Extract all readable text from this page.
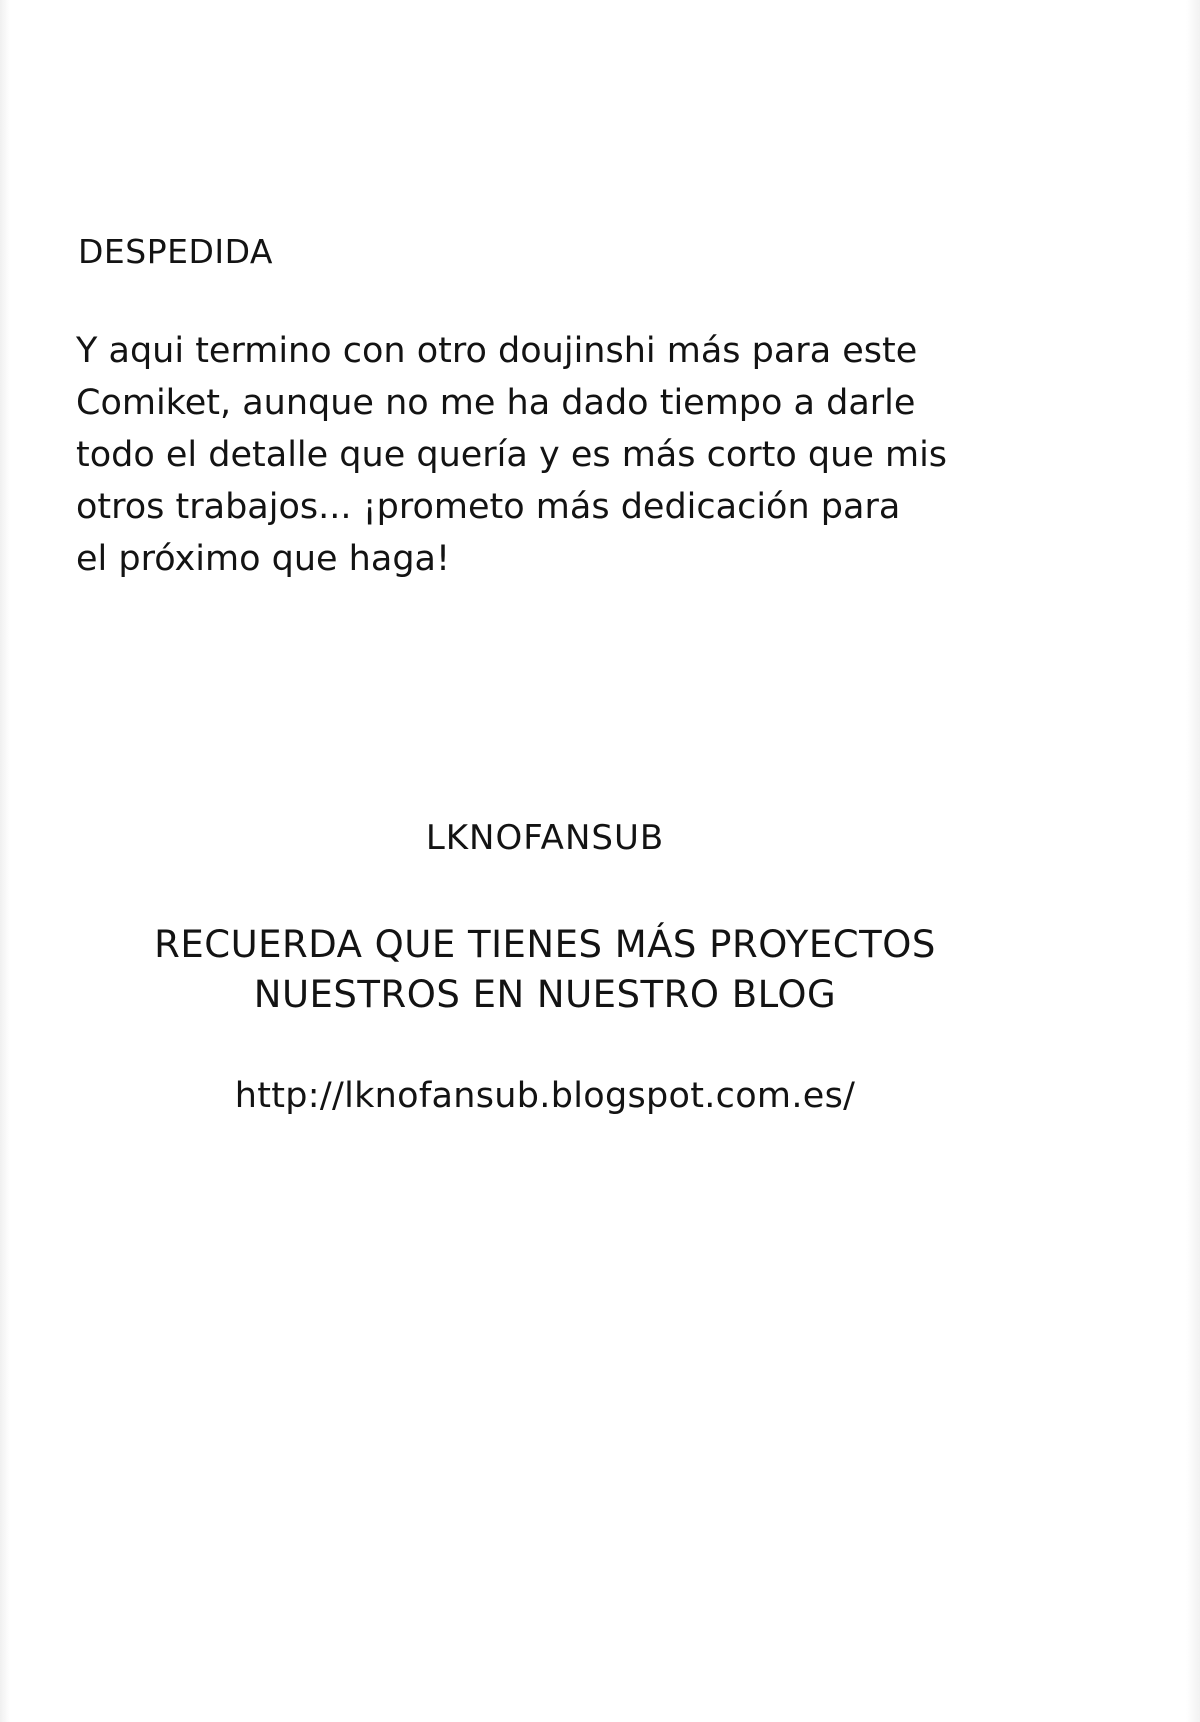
DESPEDIDA
Y aqui termino con otro doujinshi más para este
Comiket, aunque no me ha dado tiempo a darle
todo el detalle que quería y es más corto que mis
otros trabajos... ¡prometo más dedicación para
el próximo que haga!
LKNOFANSUB
RECUERDA QUE TIENES MÁS PROYECTOS
NUESTROS EN NUESTRO BLOG
http://lknofansub.blogspot.com.es/
